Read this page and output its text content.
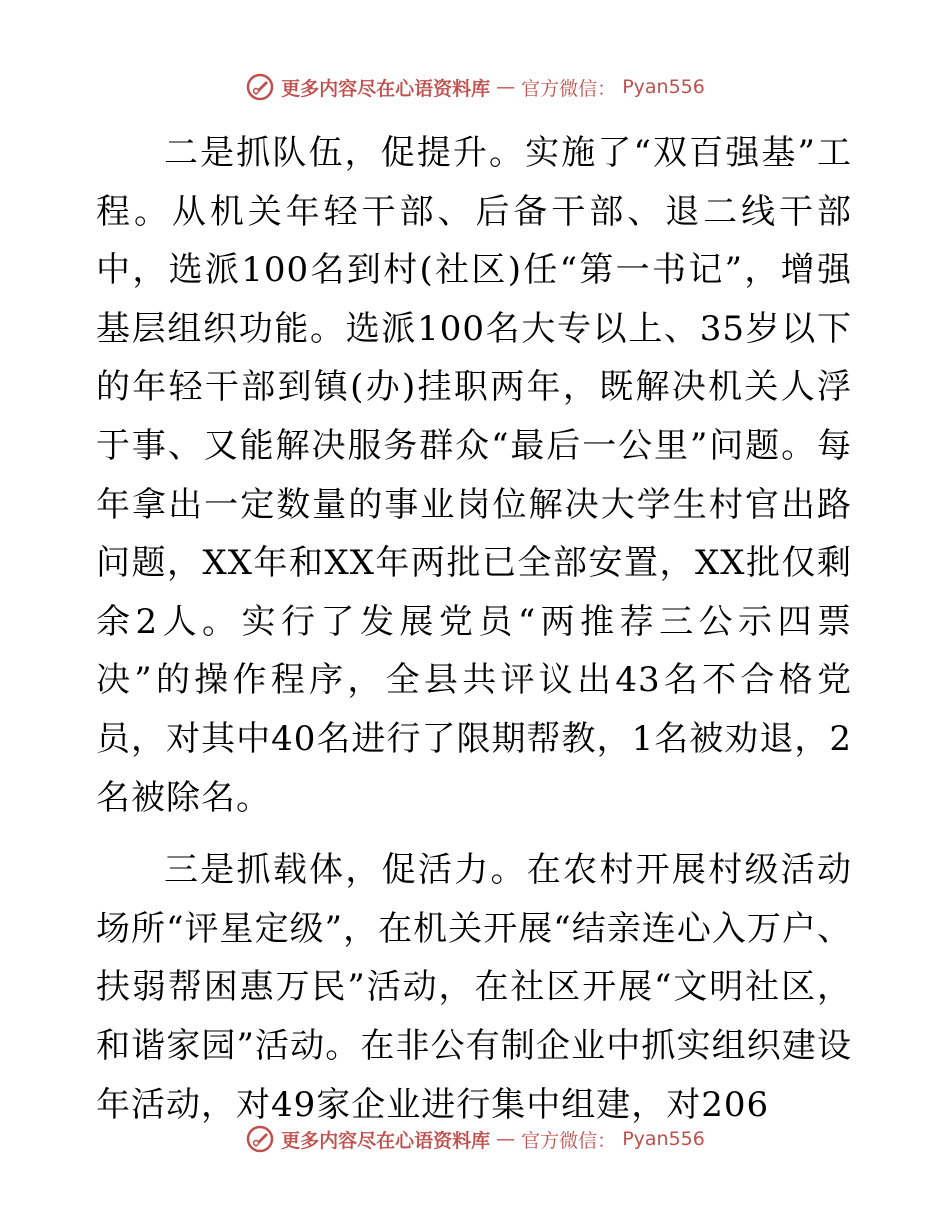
更多内容尽在心语资料库 — 官方微信： Pyan556

二是抓队伍，促提升。实施了“双百强基”工程。从机关年轻干部、后备干部、退二线干部中，选派100名到村(社区)任“第一书记”，增强基层组织功能。选派100名大专以上、35岁以下的年轻干部到镇(办)挂职两年，既解决机关人浮于事、又能解决服务群众“最后一公里”问题。每年拿出一定数量的事业岗位解决大学生村官出路问题，XX年和XX年两批已全部安置，XX批仅剩余2人。实行了发展党员“两推荐三公示四票决”的操作程序，全县共评议出43名不合格党员，对其中40名进行了限期帮教，1名被劝退，2名被除名。

三是抓载体，促活力。在农村开展村级活动场所“评星定级”，在机关开展“结亲连心入万户、扶弱帮困惠万民”活动，在社区开展“文明社区，和谐家园”活动。在非公有制企业中抓实组织建设年活动，对49家企业进行集中组建，对206

更多内容尽在心语资料库 — 官方微信： Pyan556
